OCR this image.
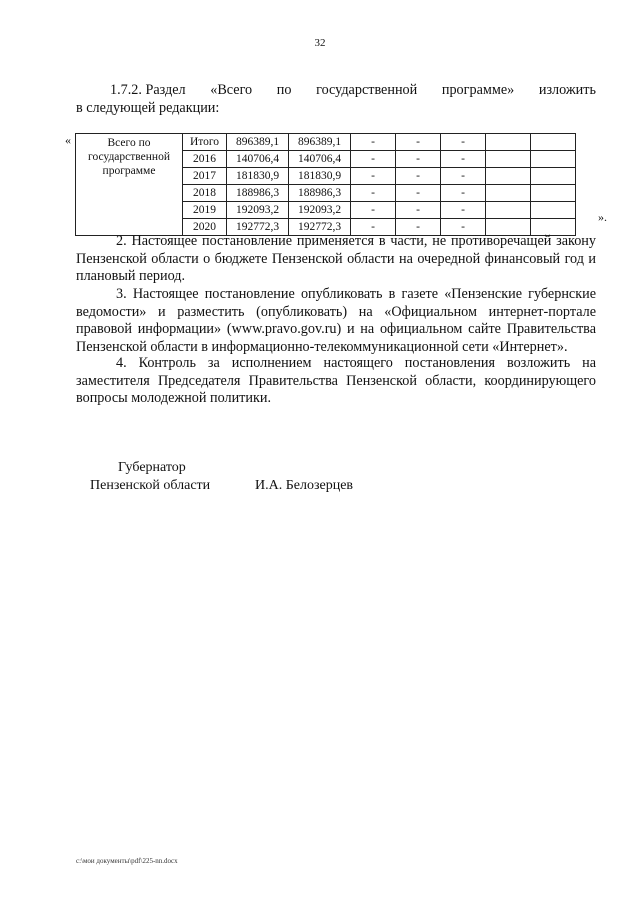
32
1.7.2. Раздел «Всего по государственной программе» изложить
в следующей редакции:
«
».
Всего по государственной программе	Итого	896389,1	896389,1	-	-	-		
	2016	140706,4	140706,4	-	-	-		
	2017	181830,9	181830,9	-	-	-		
	2018	188986,3	188986,3	-	-	-		
	2019	192093,2	192093,2	-	-	-		
	2020	192772,3	192772,3	-	-	-		

2. Настоящее постановление применяется в части, не противоречащей закону Пензенской области о бюджете Пензенской области на очередной финансовый год и плановый период.

3. Настоящее постановление опубликовать в газете «Пензенские губернские ведомости» и разместить (опубликовать) на «Официальном интернет-портале правовой информации» (www.pravo.gov.ru) и на официальном сайте Правительства Пензенской области в информационно-телекоммуникационной сети «Интернет».

4. Контроль за исполнением настоящего постановления возложить на заместителя Председателя Правительства Пензенской области, координирующего вопросы молодежной политики.

Губернатор
Пензенской области	И.А. Белозерцев
c:\мои документы\pdf\225-nn.docx
